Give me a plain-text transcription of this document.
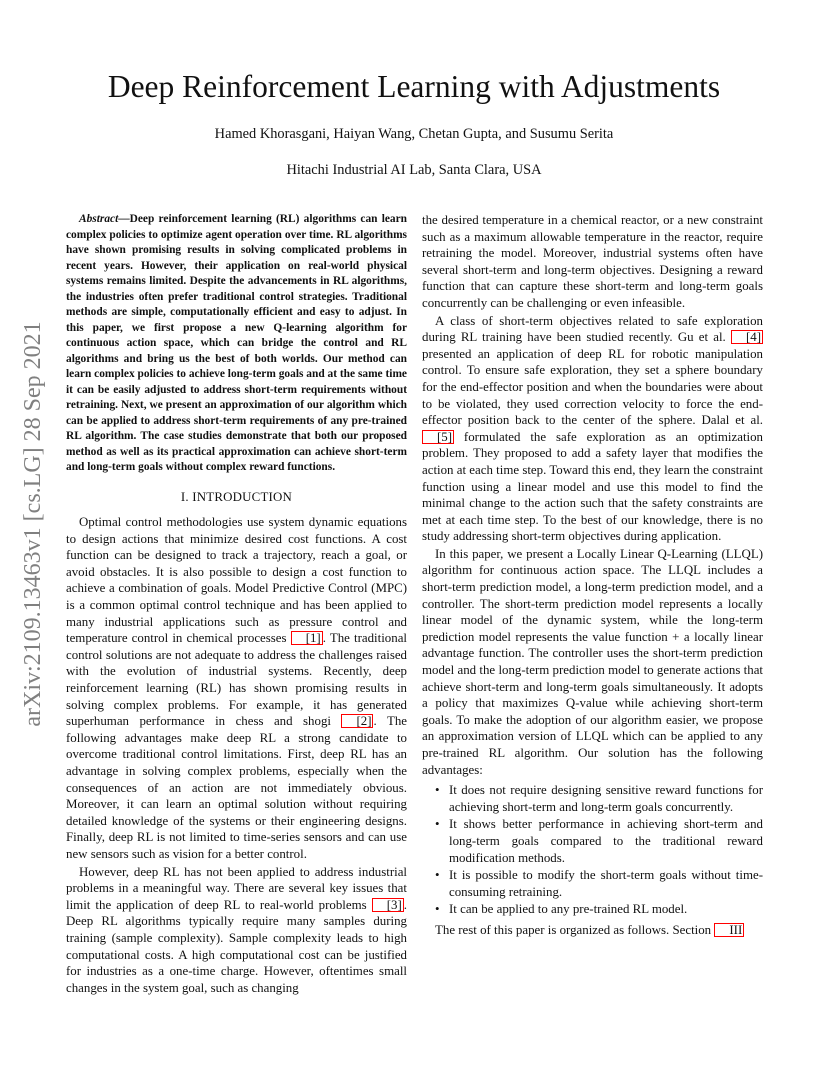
Deep Reinforcement Learning with Adjustments
Hamed Khorasgani, Haiyan Wang, Chetan Gupta, and Susumu Serita
Hitachi Industrial AI Lab, Santa Clara, USA
arXiv:2109.13463v1 [cs.LG] 28 Sep 2021

Abstract—Deep reinforcement learning (RL) algorithms can learn complex policies to optimize agent operation over time. RL algorithms have shown promising results in solving complicated problems in recent years. However, their application on real-world physical systems remains limited. Despite the advancements in RL algorithms, the industries often prefer traditional control strategies. Traditional methods are simple, computationally efficient and easy to adjust. In this paper, we first propose a new Q-learning algorithm for continuous action space, which can bridge the control and RL algorithms and bring us the best of both worlds. Our method can learn complex policies to achieve long-term goals and at the same time it can be easily adjusted to address short-term requirements without retraining. Next, we present an approximation of our algorithm which can be applied to address short-term requirements of any pre-trained RL algorithm. The case studies demonstrate that both our proposed method as well as its practical approximation can achieve short-term and long-term goals without complex reward functions.

I. INTRODUCTION

Optimal control methodologies use system dynamic equations to design actions that minimize desired cost functions. A cost function can be designed to track a trajectory, reach a goal, or avoid obstacles. It is also possible to design a cost function to achieve a combination of goals. Model Predictive Control (MPC) is a common optimal control technique and has been applied to many industrial applications such as pressure control and temperature control in chemical processes [1] . The traditional control solutions are not adequate to address the challenges raised with the evolution of industrial systems. Recently, deep reinforcement learning (RL) has shown promising results in solving complex problems. For example, it has generated superhuman performance in chess and shogi [2] . The following advantages make deep RL a strong candidate to overcome traditional control limitations. First, deep RL has an advantage in solving complex problems, especially when the consequences of an action are not immediately obvious. Moreover, it can learn an optimal solution without requiring detailed knowledge of the systems or their engineering designs. Finally, deep RL is not limited to time-series sensors and can use new sensors such as vision for a better control.

However, deep RL has not been applied to address industrial problems in a meaningful way. There are several key issues that limit the application of deep RL to real-world problems [3] . Deep RL algorithms typically require many samples during training (sample complexity). Sample complexity leads to high computational costs. A high computational cost can be justified for industries as a one-time charge. However, oftentimes small changes in the system goal, such as changing

the desired temperature in a chemical reactor, or a new constraint such as a maximum allowable temperature in the reactor, require retraining the model. Moreover, industrial systems often have several short-term and long-term objectives. Designing a reward function that can capture these short-term and long-term goals concurrently can be challenging or even infeasible.

A class of short-term objectives related to safe exploration during RL training have been studied recently. Gu et al. [4] presented an application of deep RL for robotic manipulation control. To ensure safe exploration, they set a sphere boundary for the end-effector position and when the boundaries were about to be violated, they used correction velocity to force the end-effector position back to the center of the sphere. Dalal et al. [5] formulated the safe exploration as an optimization problem. They proposed to add a safety layer that modifies the action at each time step. Toward this end, they learn the constraint function using a linear model and use this model to find the minimal change to the action such that the safety constraints are met at each time step. To the best of our knowledge, there is no study addressing short-term objectives during application.

In this paper, we present a Locally Linear Q-Learning (LLQL) algorithm for continuous action space. The LLQL includes a short-term prediction model, a long-term prediction model, and a controller. The short-term prediction model represents a locally linear model of the dynamic system, while the long-term prediction model represents the value function + a locally linear advantage function. The controller uses the short-term prediction model and the long-term prediction model to generate actions that achieve short-term and long-term goals simultaneously. It adopts a policy that maximizes Q-value while achieving short-term goals. To make the adoption of our algorithm easier, we propose an approximation version of LLQL which can be applied to any pre-trained RL algorithm. Our solution has the following advantages:

• It does not require designing sensitive reward functions for achieving short-term and long-term goals concurrently.
• It shows better performance in achieving short-term and long-term goals compared to the traditional reward modification methods.
• It is possible to modify the short-term goals without time-consuming retraining.
• It can be applied to any pre-trained RL model.

The rest of this paper is organized as follows. Section III
